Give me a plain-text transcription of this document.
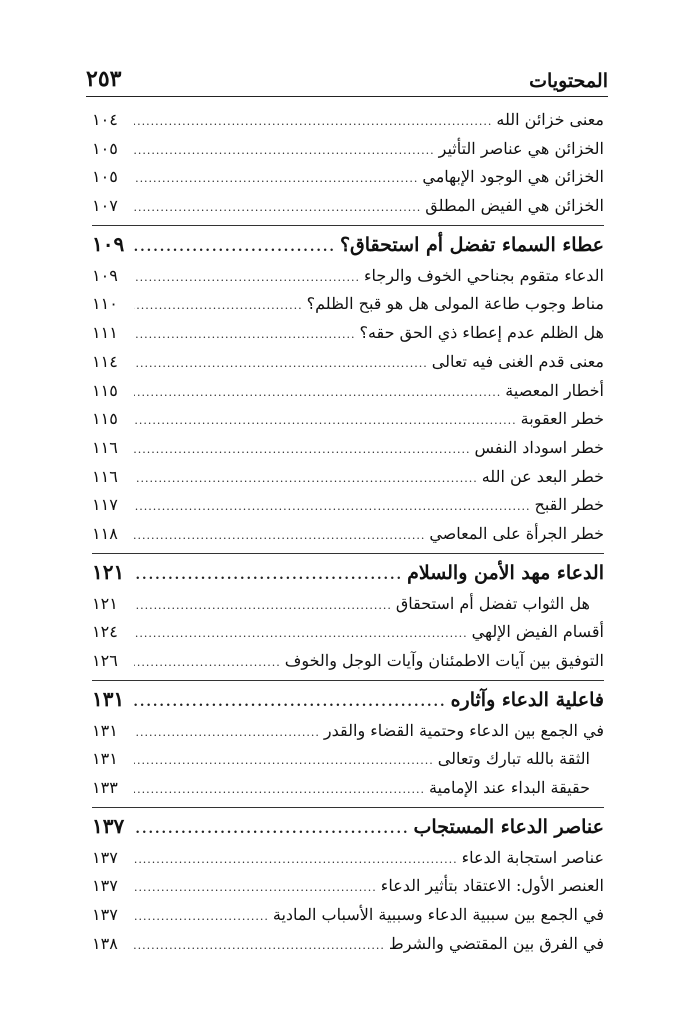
٢٥٣	المحتويات
معنى خزائن الله
.....
١٠٤
الخزائن هي عناصر التأثير
.....
١٠٥
الخزائن هي الوجود الإبهامي
.....
١٠٥
الخزائن هي الفيض المطلق
.....
١٠٧
عطاء السماء تفضل أم استحقاق؟
.....
١٠٩
الدعاء متقوم بجناحي الخوف والرجاء
.....
١٠٩
مناط وجوب طاعة المولى هل هو قبح الظلم؟
.....
١١٠
هل الظلم عدم إعطاء ذي الحق حقه؟
.....
١١١
معنى قدم الغنى فيه تعالى
.....
١١٤
أخطار المعصية
.....
١١٥
خطر العقوبة
.....
١١٥
خطر اسوداد النفس
.....
١١٦
خطر البعد عن الله
.....
١١٦
خطر القبح
.....
١١٧
خطر الجرأة على المعاصي
.....
١١٨
الدعاء مهد الأمن والسلام
.....
١٢١
هل الثواب تفضل أم استحقاق
.....
١٢١
أقسام الفيض الإلهي
.....
١٢٤
التوفيق بين آيات الاطمئنان وآيات الوجل والخوف
.....
١٢٦
فاعلية الدعاء وآثاره
.....
١٣١
في الجمع بين الدعاء وحتمية القضاء والقدر
.....
١٣١
الثقة بالله تبارك وتعالى
.....
١٣١
حقيقة البداء عند الإمامية
.....
١٣٣
عناصر الدعاء المستجاب
.....
١٣٧
عناصر استجابة الدعاء
.....
١٣٧
العنصر الأول: الاعتقاد بتأثير الدعاء
.....
١٣٧
في الجمع بين سببية الدعاء وسببية الأسباب المادية
.....
١٣٧
في الفرق بين المقتضي والشرط
.....
١٣٨
